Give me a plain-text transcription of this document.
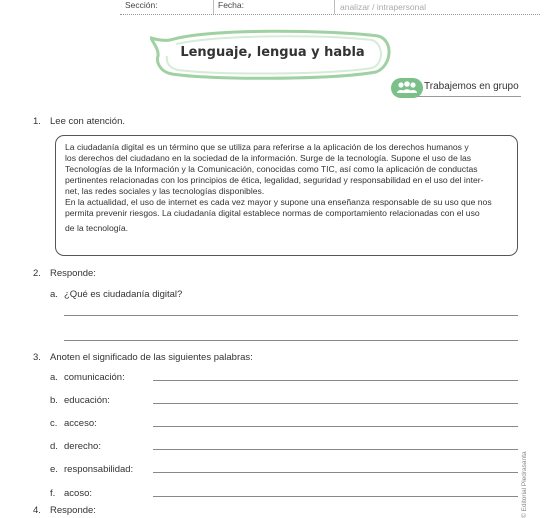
Sección:	Fecha:	analizar / intrapersonal
Lenguaje, lengua y habla
Trabajemos en grupo
1. Lee con atención.
La ciudadanía digital es un término que se utiliza para referirse a la aplicación de los derechos humanos y
los derechos del ciudadano en la sociedad de la información. Surge de la tecnología. Supone el uso de las
Tecnologías de la Información y la Comunicación, conocidas como TIC, así como la aplicación de conductas
pertinentes relacionadas con los principios de ética, legalidad, seguridad y responsabilidad en el uso del inter-
net, las redes sociales y las tecnologías disponibles.
En la actualidad, el uso de internet es cada vez mayor y supone una enseñanza responsable de su uso que nos
permita prevenir riesgos. La ciudadanía digital establece normas de comportamiento relacionadas con el uso
de la tecnología.
2. Responde:
a. ¿Qué es ciudadanía digital?
3. Anoten el significado de las siguientes palabras:
a. comunicación:
b. educación:
c. acceso:
d. derecho:
e. responsabilidad:
f. acoso:
4. Responde:	© Editorial Piedrasanta
